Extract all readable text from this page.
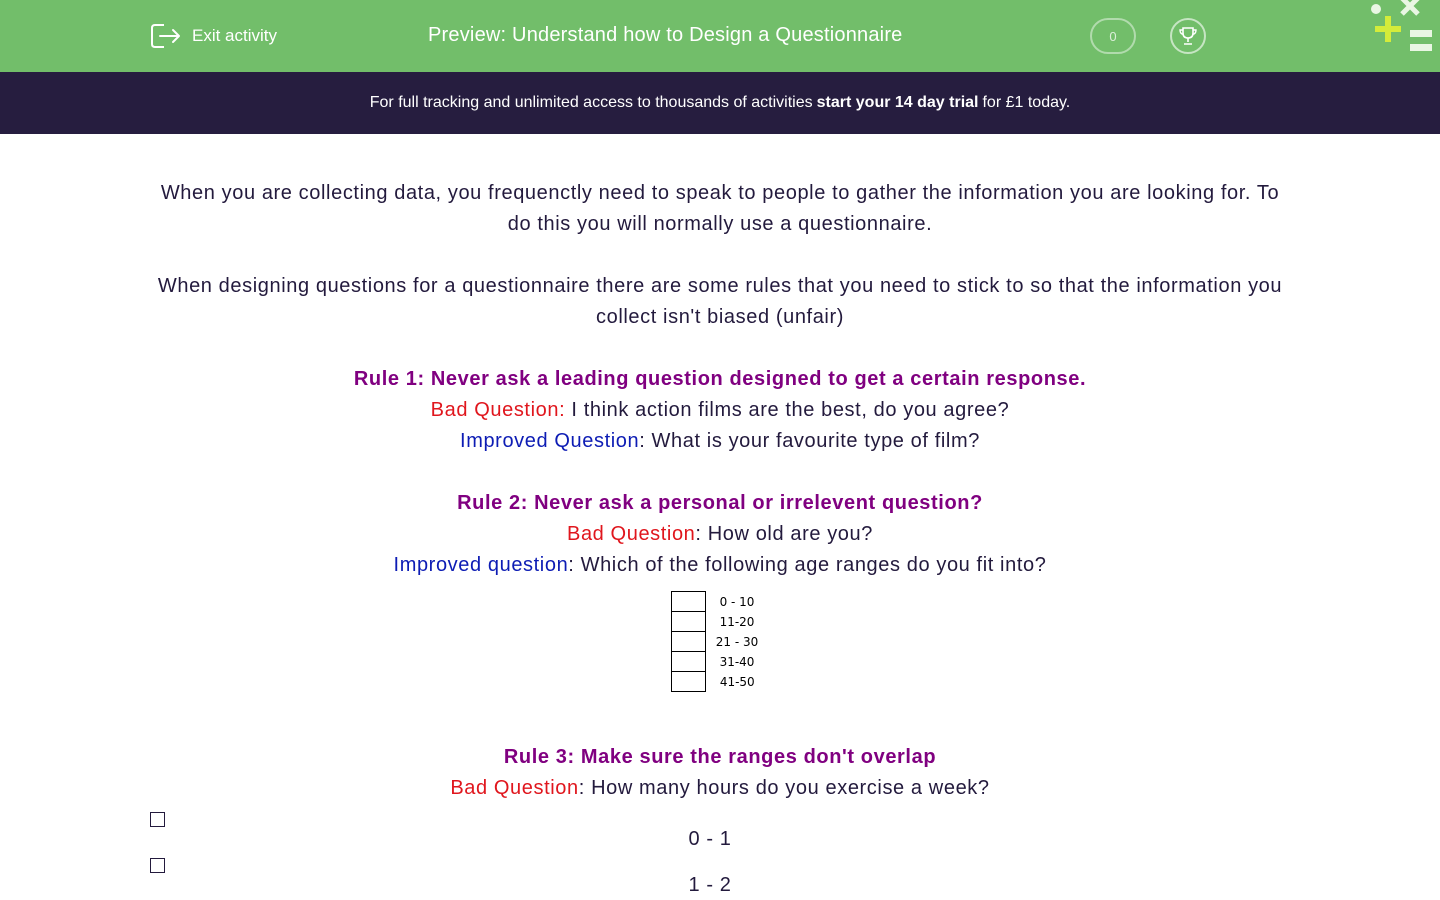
Exit activity	Preview: Understand how to Design a Questionnaire	0
For full tracking and unlimited access to thousands of activities start your 14 day trial for £1 today.

When you are collecting data, you frequenctly need to speak to people to gather the information you are looking for. To do this you will normally use a questionnaire.

When designing questions for a questionnaire there are some rules that you need to stick to so that the information you collect isn't biased (unfair)

Rule 1: Never ask a leading question designed to get a certain response.
Bad Question: I think action films are the best, do you agree?
Improved Question: What is your favourite type of film?
Rule 2: Never ask a personal or irrelevent question?
Bad Question: How old are you?
Improved question: Which of the following age ranges do you fit into?
	0 - 10
	11-20
	21 - 30
	31-40
	41-50
Rule 3: Make sure the ranges don't overlap
Bad Question: How many hours do you exercise a week?
0 - 1
1 - 2
